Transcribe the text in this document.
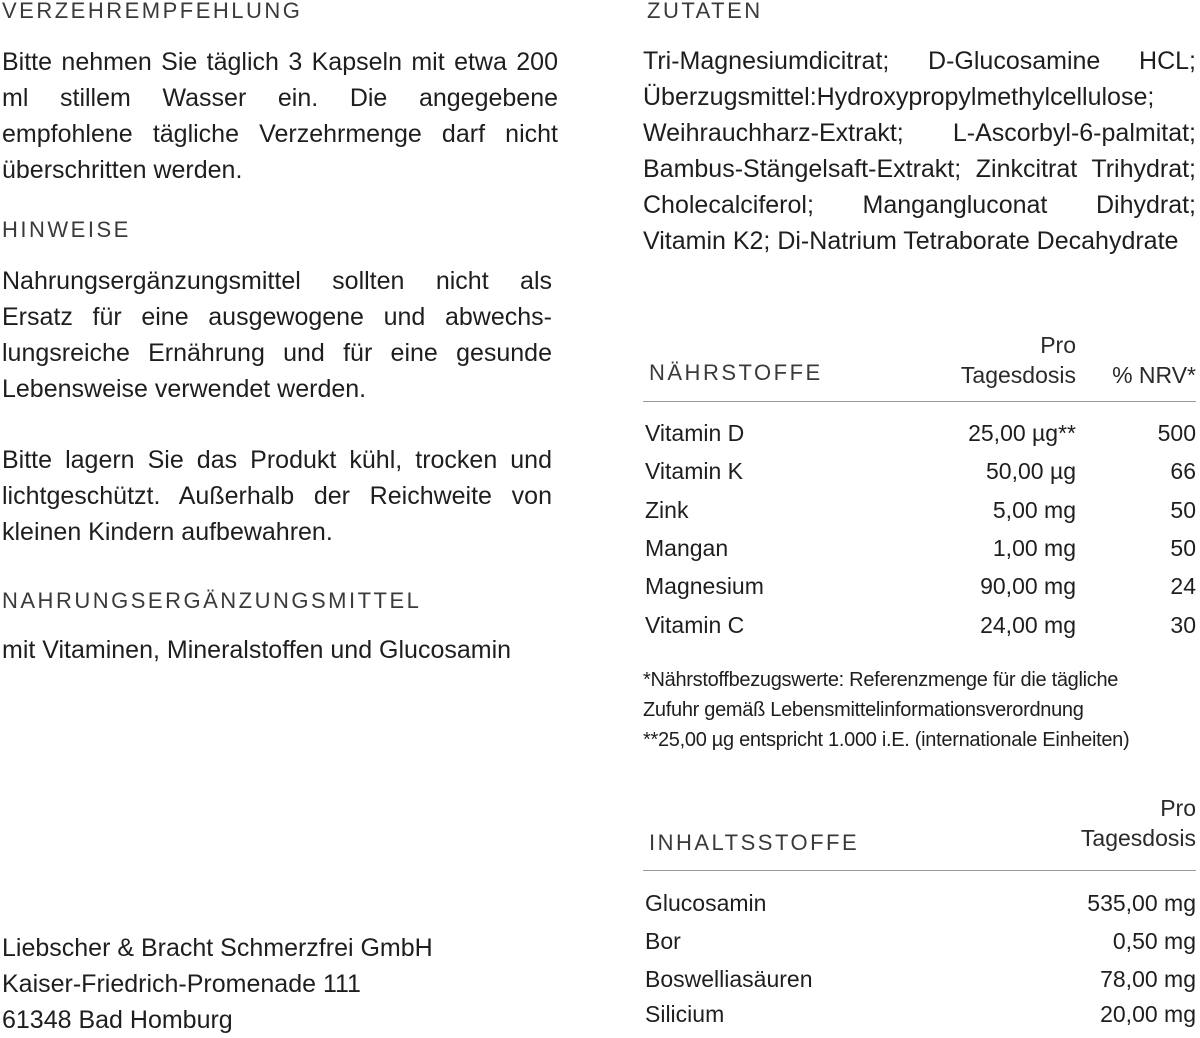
VERZEHREMPFEHLUNG

Bitte nehmen Sie täglich 3 Kapseln mit etwa 200 ml stillem Wasser ein. Die angegebene empfohlene tägliche Verzehrmenge darf nicht überschritten werden.

HINWEISE

Nahrungsergänzungsmittel sollten nicht als Ersatz für eine ausgewogene und abwechslungsreiche Ernährung und für eine gesunde Lebensweise verwendet werden.

Bitte lagern Sie das Produkt kühl, trocken und lichtgeschützt. Außerhalb der Reichweite von kleinen Kindern aufbewahren.

NAHRUNGSERGÄNZUNGSMITTEL

mit Vitaminen, Mineralstoffen und Glucosamin

Liebscher & Bracht Schmerzfrei GmbH
Kaiser-Friedrich-Promenade 111
61348 Bad Homburg
ZUTATEN

Tri-Magnesiumdicitrat; D-Glucosamine HCL; Überzugsmittel:Hydroxypropylmethylcellulose; Weihrauchharz-Extrakt; L-Ascorbyl-6-palmitat; Bambus-Stängelsaft-Extrakt; Zinkcitrat Trihydrat; Cholecalciferol; Mangangluconat Dihydrat; Vitamin K2; Di-Natrium Tetraborate Decahydrate

NÄHRSTOFFE
Pro
Tagesdosis % NRV*
Vitamin D	25,00 µg**	500
Vitamin K	50,00 µg	66
Zink	5,00 mg	50
Mangan	1,00 mg	50
Magnesium	90,00 mg	24
Vitamin C	24,00 mg	30
*Nährstoffbezugswerte: Referenzmenge für die tägliche
Zufuhr gemäß Lebensmittelinformationsverordnung
**25,00 µg entspricht 1.000 i.E. (internationale Einheiten)
INHALTSSTOFFE
Pro
Tagesdosis
Glucosamin	535,00 mg
Bor	0,50 mg
Boswelliasäuren	78,00 mg
Silicium	20,00 mg
